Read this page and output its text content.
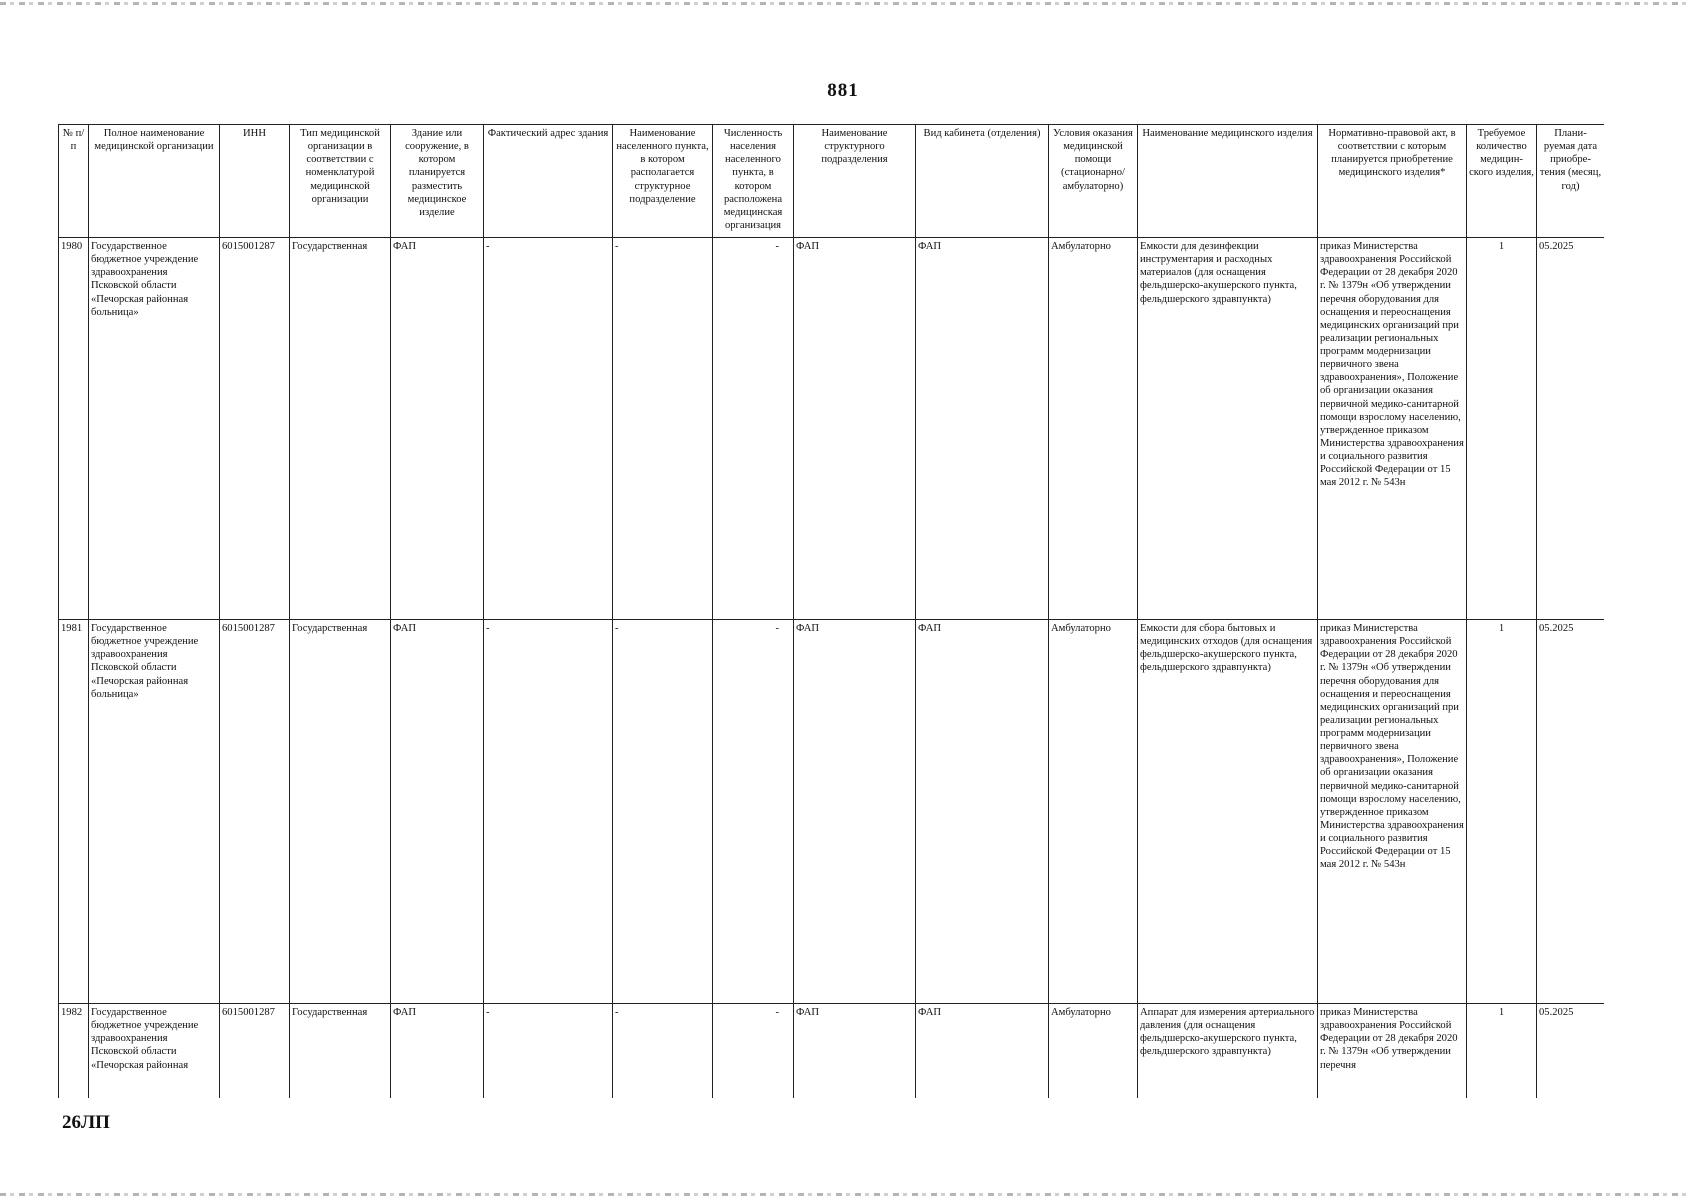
881
№ п/п	Полное наименование медицинской организации	ИНН	Тип медицинской организации в соответствии с номенклатурой медицинской организации	Здание или сооружение, в котором планируется разместить медицинское изделие	Фактический адрес здания	Наименование населенного пункта, в котором располагается структурное подразделение	Численность населения населенного пункта, в котором расположена медицинская организация	Наименование структурного подразделения	Вид кабинета (отделения)	Условия оказания медицинской помощи (стационарно/ амбулаторно)	Наименование медицинского изделия	Нормативно-правовой акт, в соответствии с которым планируется приобретение медицинского изделия*	Требуемое количество медицин-ского изделия,	Плани-руемая дата приобре-тения (месяц, год)
1980	Государственное бюджетное учреждение здравоохранения Псковской области «Печорская районная больница»	6015001287	Государственная	ФАП	-	-	-	ФАП	ФАП	Амбулаторно	Емкости для дезинфекции инструментария и расходных материалов (для оснащения фельдшерско-акушерского пункта, фельдшерского здравпункта)	приказ Министерства здравоохранения Российской Федерации от 28 декабря 2020 г. № 1379н «Об утверждении перечня оборудования для оснащения и переоснащения медицинских организаций при реализации региональных программ модернизации первичного звена здравоохранения», Положение об организации оказания первичной медико-санитарной помощи взрослому населению, утвержденное приказом Министерства здравоохранения и социального развития Российской Федерации от 15 мая 2012 г. № 543н	1	05.2025
1981	Государственное бюджетное учреждение здравоохранения Псковской области «Печорская районная больница»	6015001287	Государственная	ФАП	-	-	-	ФАП	ФАП	Амбулаторно	Емкости для сбора бытовых и медицинских отходов (для оснащения фельдшерско-акушерского пункта, фельдшерского здравпункта)	приказ Министерства здравоохранения Российской Федерации от 28 декабря 2020 г. № 1379н «Об утверждении перечня оборудования для оснащения и переоснащения медицинских организаций при реализации региональных программ модернизации первичного звена здравоохранения», Положение об организации оказания первичной медико-санитарной помощи взрослому населению, утвержденное приказом Министерства здравоохранения и социального развития Российской Федерации от 15 мая 2012 г. № 543н	1	05.2025
1982	Государственное бюджетное учреждение здравоохранения Псковской области «Печорская районная	6015001287	Государственная	ФАП	-	-	-	ФАП	ФАП	Амбулаторно	Аппарат для измерения артериального давления (для оснащения фельдшерско-акушерского пункта, фельдшерского здравпункта)	приказ Министерства здравоохранения Российской Федерации от 28 декабря 2020 г. № 1379н «Об утверждении перечня	1	05.2025
26ЛП
